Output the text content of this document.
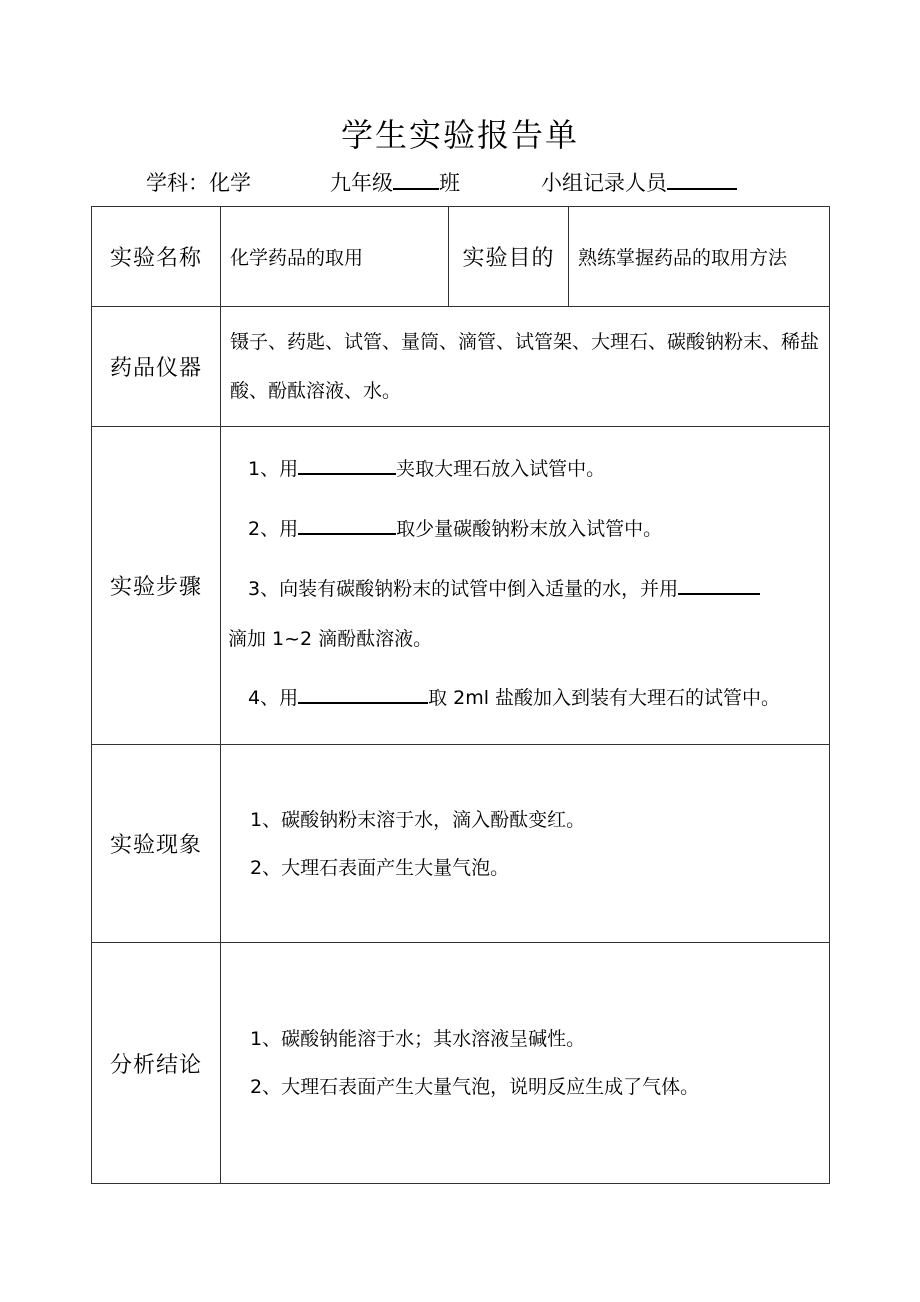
学生实验报告单
学科：化学	九年级 班	小组记录人员
实验名称	化学药品的取用	实验目的	熟练掌握药品的取用方法
药品仪器	镊子、药匙、试管、量筒、滴管、试管架、大理石、碳酸钠粉末、稀盐酸、酚酞溶液、水。		

实验步骤	1、用 夹取大理石放入试管中。
2、用 取少量碳酸钠粉末放入试管中。
3、向装有碳酸钠粉末的试管中倒入适量的水，并用
滴加 1~2 滴酚酞溶液。
4、用 取 2ml 盐酸加入到装有大理石的试管中。		

实验现象	1、碳酸钠粉末溶于水，滴入酚酞变红。
2、大理石表面产生大量气泡。		

分析结论	1、碳酸钠能溶于水；其水溶液呈碱性。
2、大理石表面产生大量气泡，说明反应生成了气体。		
